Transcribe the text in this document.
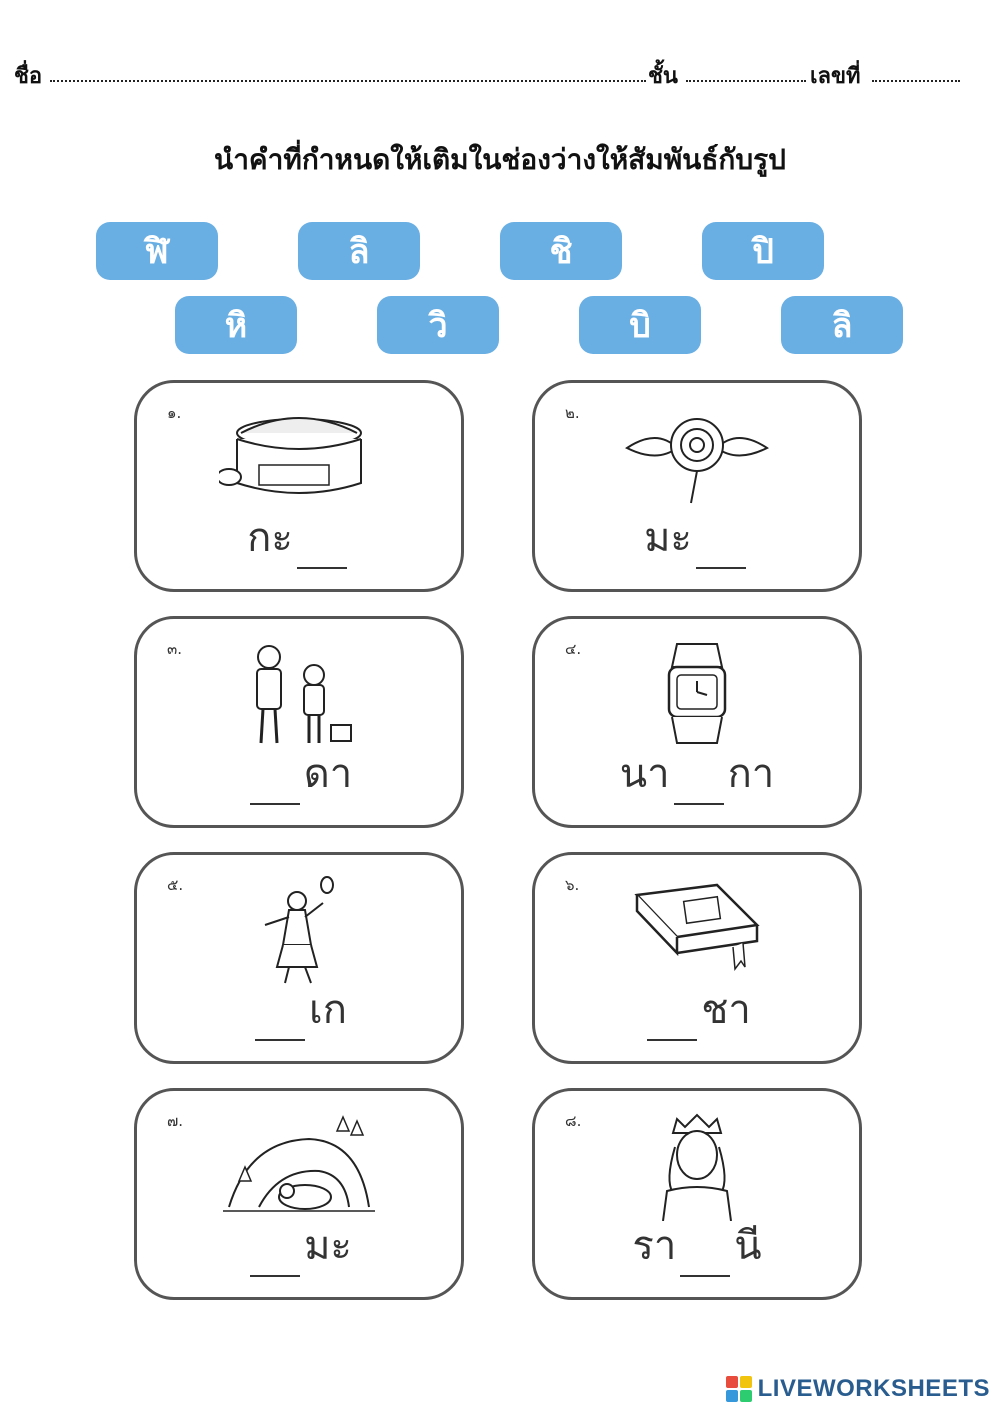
ชื่อ	ชั้น	เลขที่
นำคำที่กำหนดให้เติมในช่องว่างให้สัมพันธ์กับรูป
ฬิ	ลิ	ชิ	ปิ
หิ	วิ	บิ	ลิ
๑.
กะ
๒.
มะ
๓.
ดา
๔.
นา กา
๕.
เก
๖.
ชา
๗.
มะ
๘.
รา นี
LIVEWORKSHEETS
